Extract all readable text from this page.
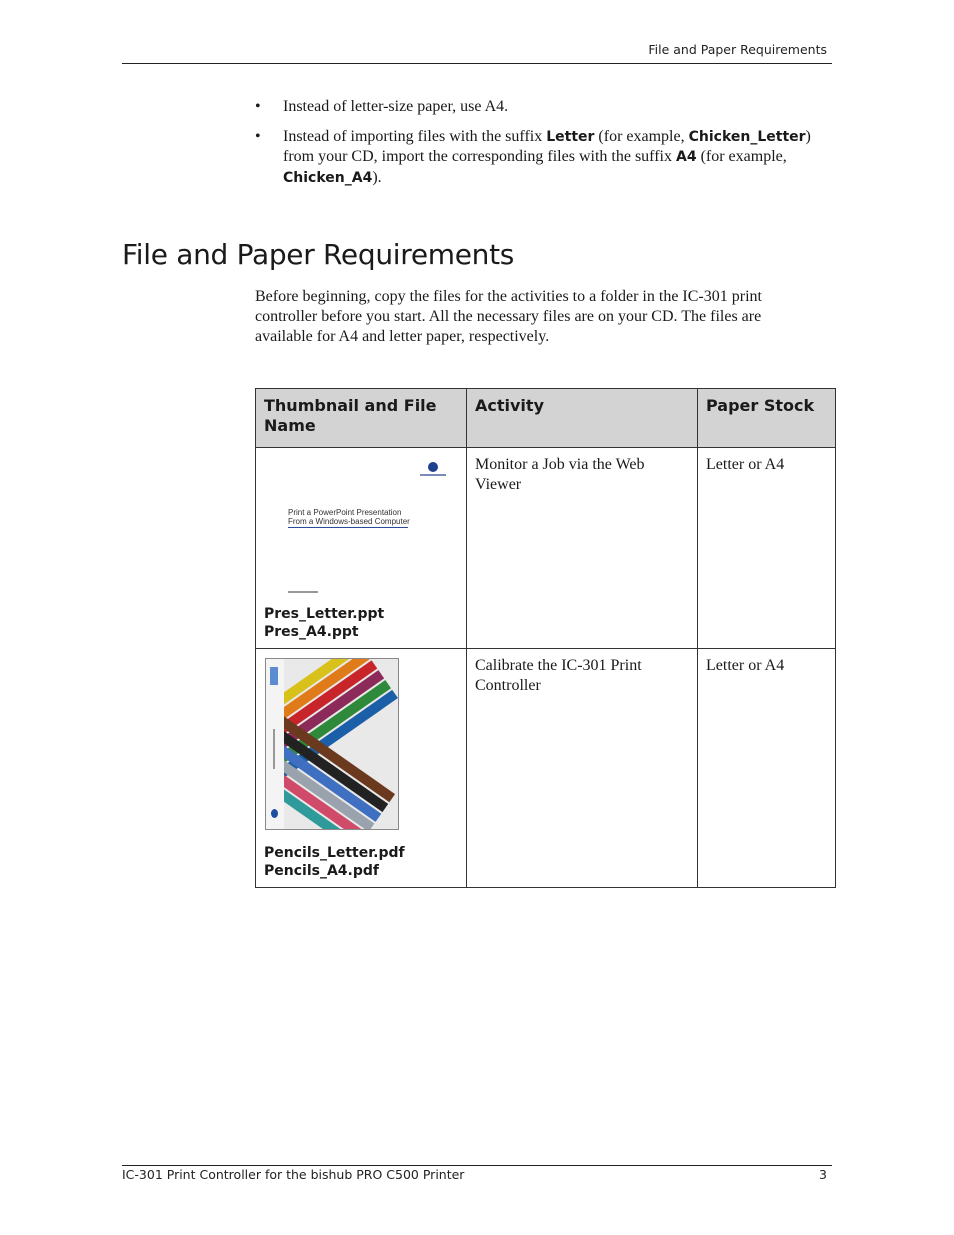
File and Paper Requirements
• Instead of letter-size paper, use A4.
• Instead of importing files with the suffix Letter (for example, Chicken_Letter) from your CD, import the corresponding files with the suffix A4 (for example, Chicken_A4).
File and Paper Requirements

Before beginning, copy the files for the activities to a folder in the IC-301 print controller before you start. All the necessary files are on your CD. The files are available for A4 and letter paper, respectively.

Thumbnail and File Name	Activity	Paper Stock

Print a PowerPoint Presentation
From a Windows-based Computer
Pres_Letter.ppt
Pres_A4.ppt	Monitor a Job via the Web Viewer	Letter or A4

Pencils_Letter.pdf
Pencils_A4.pdf	Calibrate the IC-301 Print Controller	Letter or A4
IC-301 Print Controller for the bishub PRO C500 Printer	3
